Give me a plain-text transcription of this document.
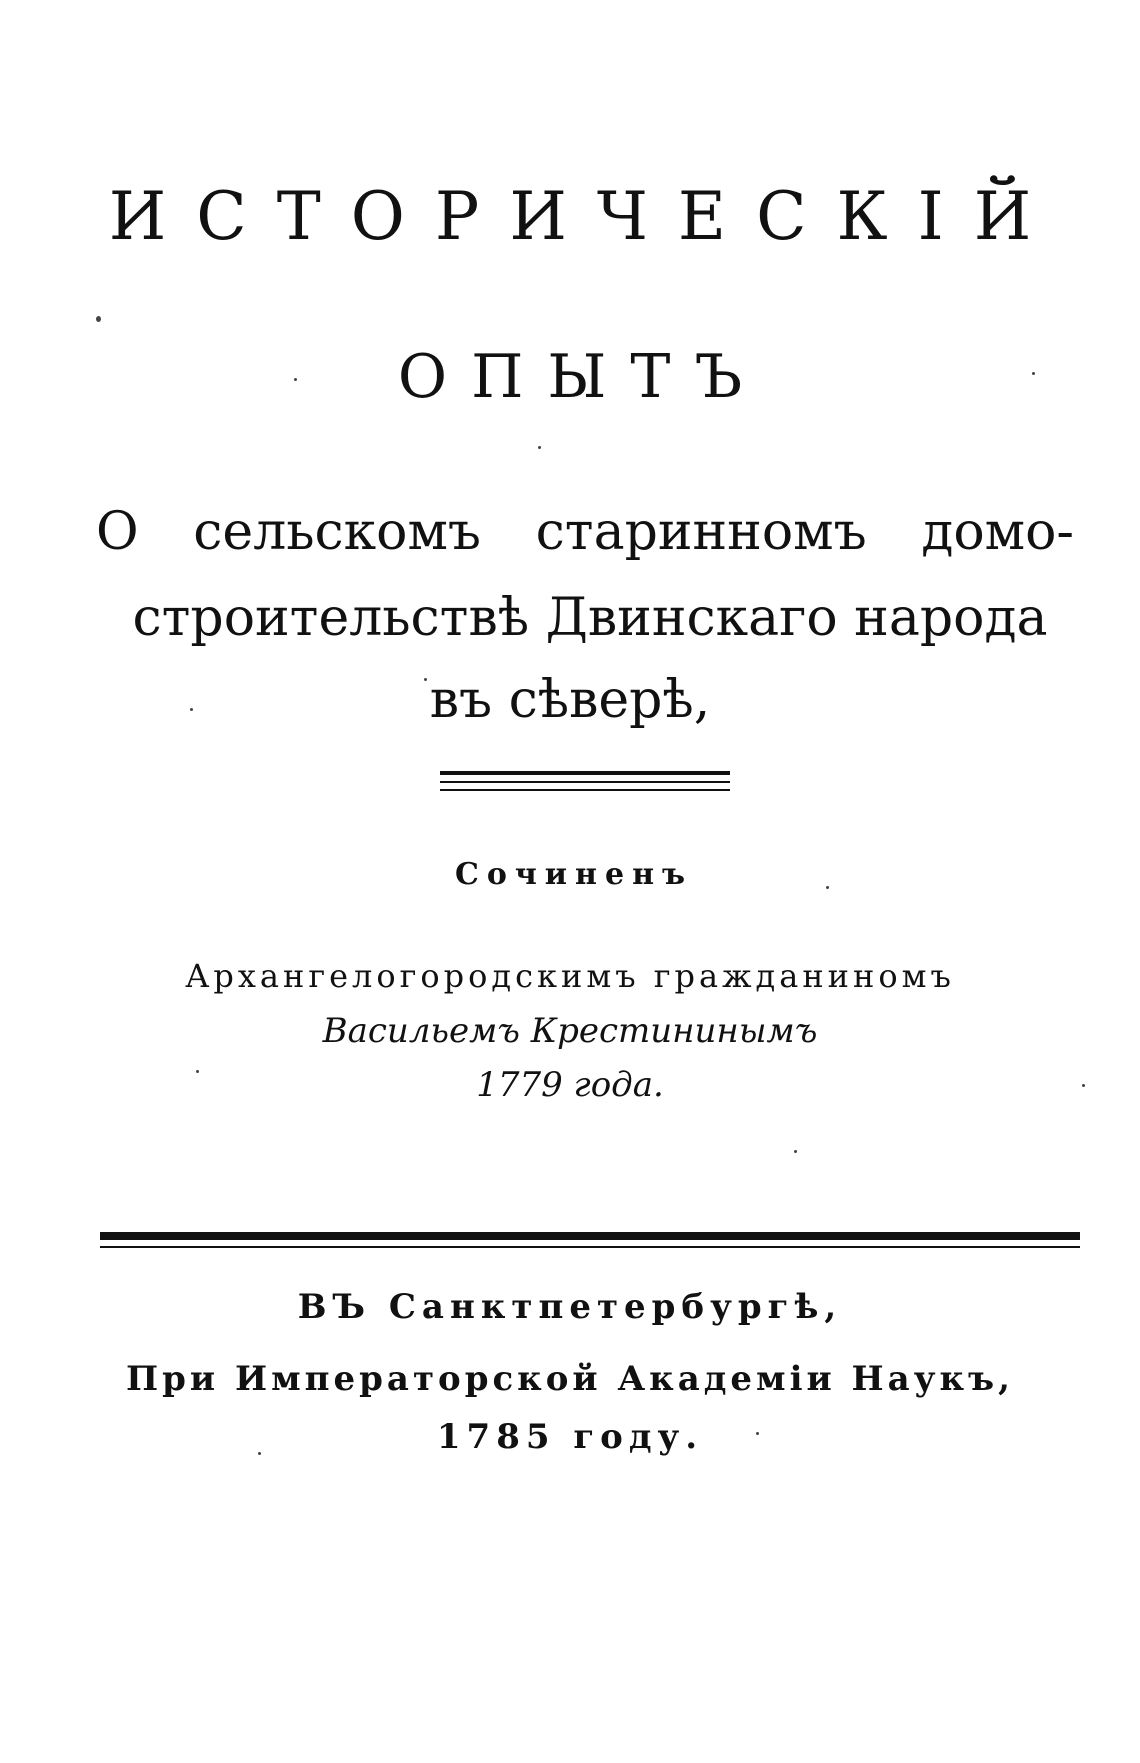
ИСТОРИЧЕСКІЙ
ОПЫТЪ
О сельскомъ старинномъ домо-
строительствѣ Двинскаго народа
въ сѣверѣ,
Сочиненъ
Архангелогородскимъ гражданиномъ
Васильемъ Крестининымъ
1779 года.
ВЪ Санктпетербургѣ,
При Императорской Академіи Наукъ,
1785 году.
